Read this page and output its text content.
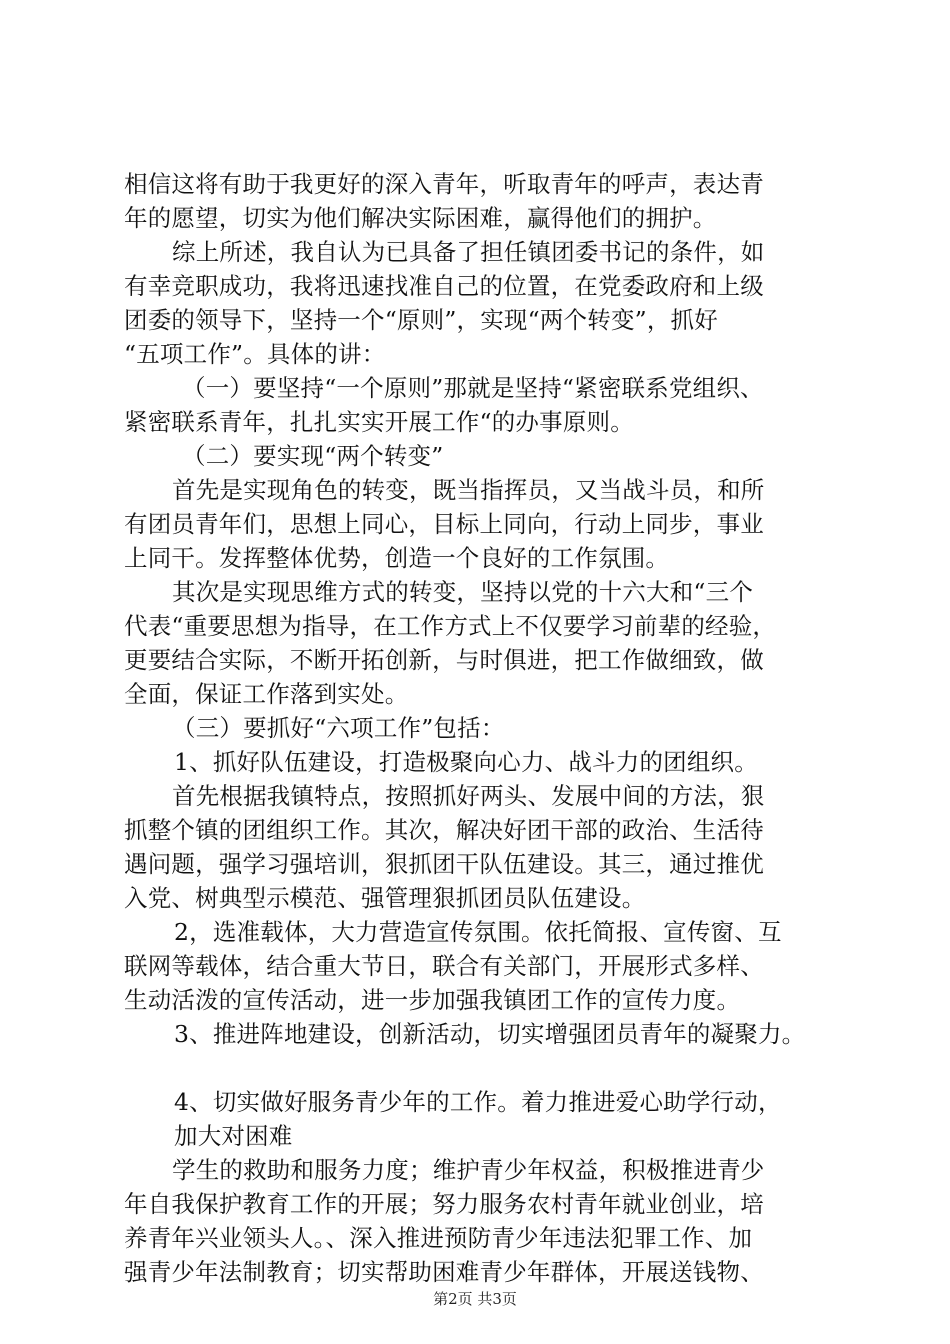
相信这将有助于我更好的深入青年，听取青年的呼声，表达青
年的愿望，切实为他们解决实际困难，赢得他们的拥护。
综上所述，我自认为已具备了担任镇团委书记的条件，如
有幸竞职成功，我将迅速找准自己的位置，在党委政府和上级
团委的领导下，坚持一个“原则”，实现“两个转变”，抓好
“五项工作”。具体的讲：
（一）要坚持“一个原则”那就是坚持“紧密联系党组织、
紧密联系青年，扎扎实实开展工作“的办事原则。
（二）要实现“两个转变”
首先是实现角色的转变，既当指挥员，又当战斗员，和所
有团员青年们，思想上同心，目标上同向，行动上同步，事业
上同干。发挥整体优势，创造一个良好的工作氛围。
其次是实现思维方式的转变，坚持以党的十六大和“三个
代表“重要思想为指导，在工作方式上不仅要学习前辈的经验，
更要结合实际，不断开拓创新，与时俱进，把工作做细致，做
全面，保证工作落到实处。
（三）要抓好“六项工作”包括：
1、抓好队伍建设，打造极聚向心力、战斗力的团组织。
首先根据我镇特点，按照抓好两头、发展中间的方法，狠
抓整个镇的团组织工作。其次，解决好团干部的政治、生活待
遇问题，强学习强培训，狠抓团干队伍建设。其三，通过推优
入党、树典型示模范、强管理狠抓团员队伍建设。
2，选准载体，大力营造宣传氛围。依托简报、宣传窗、互
联网等载体，结合重大节日，联合有关部门，开展形式多样、
生动活泼的宣传活动，进一步加强我镇团工作的宣传力度。
3、推进阵地建设，创新活动，切实增强团员青年的凝聚力。
4、切实做好服务青少年的工作。着力推进爱心助学行动，
加大对困难
学生的救助和服务力度；维护青少年权益，积极推进青少
年自我保护教育工作的开展；努力服务农村青年就业创业，培
养青年兴业领头人。、深入推进预防青少年违法犯罪工作、加
强青少年法制教育；切实帮助困难青少年群体，开展送钱物、
第2页 共3页
